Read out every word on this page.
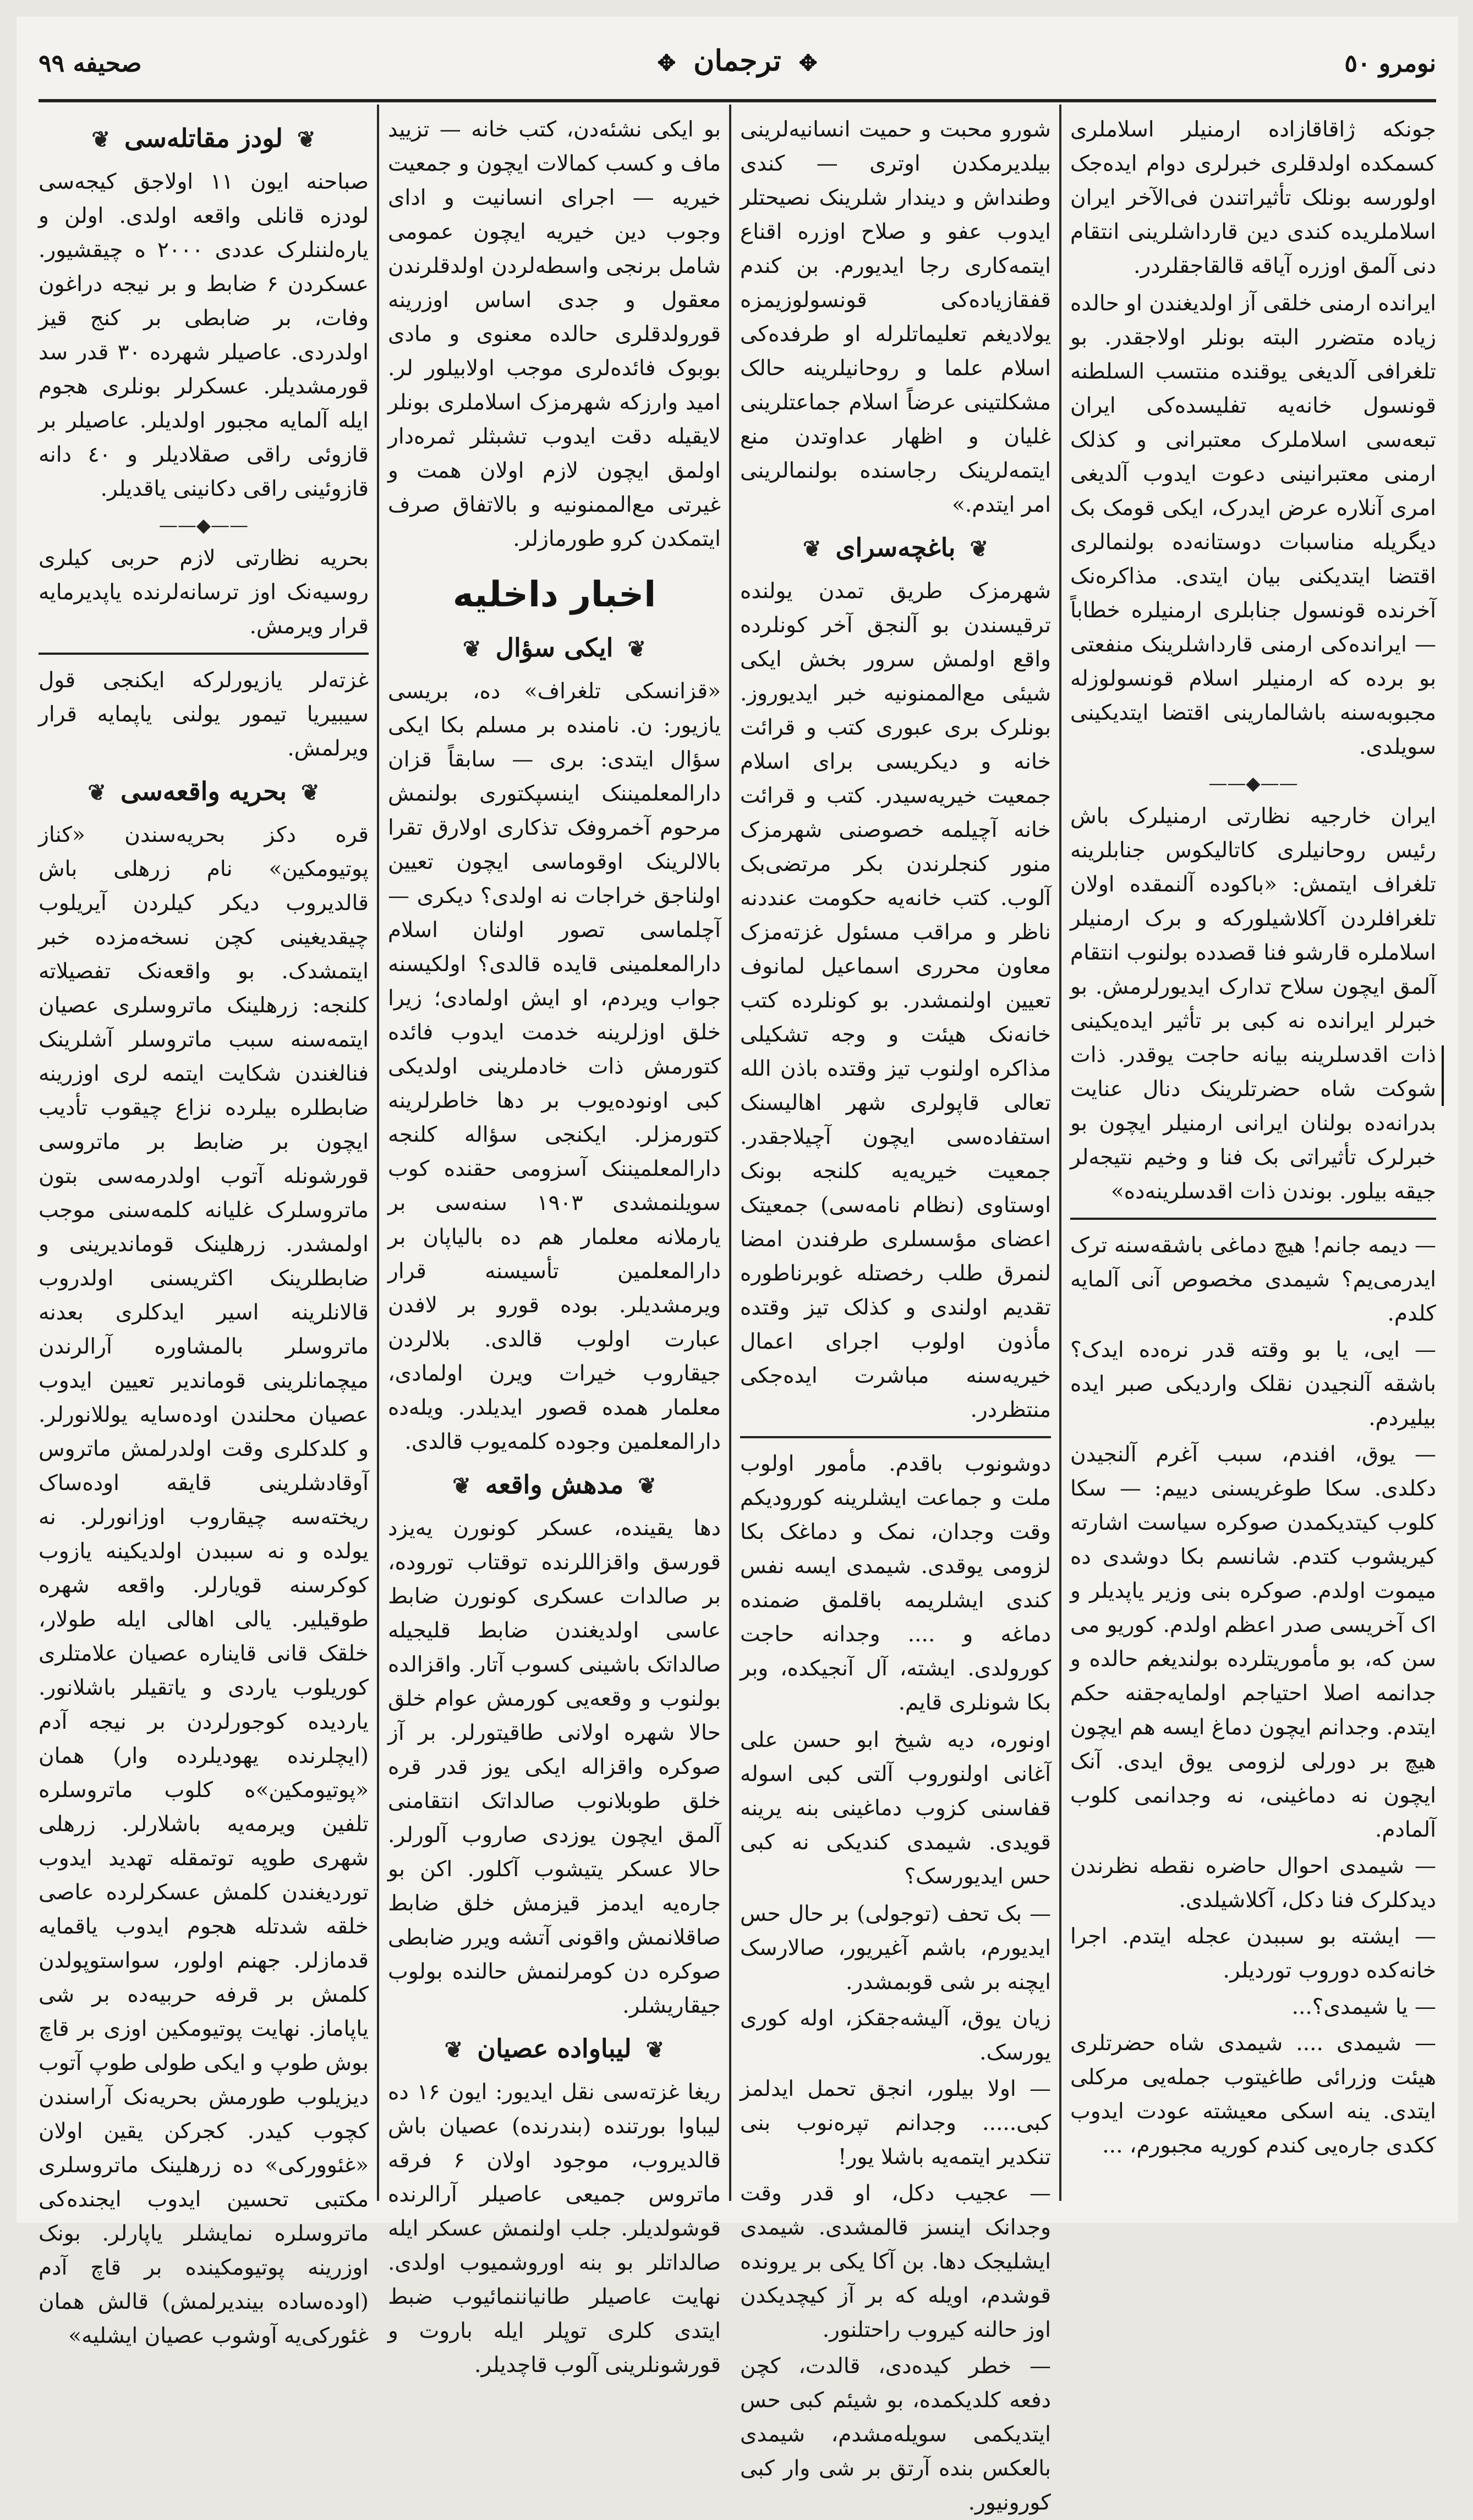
صحیفه ۹۹	✥ ترجمان ✥	نومرو ٥٠

جونکه ژاقاقازاده ارمنیلر اسلاملری کسمکده اولدقلری خبرلری دوام ایده‌جک اولورسه بونلک تأثیراتندن فی‌الآخر ایران اسلاملریده کندی دین قارداشلرینی انتقام دنی آلمق اوزره آیاقه قالقاجقلردر.

ایرانده ارمنی خلقی آز اولدیغندن او حالده زیاده متضرر البته بونلر اولاجقدر. بو تلغرافی آلدیغی یوقنده منتسب السلطنه قونسول خانه‌یه تفلیسده‌کی ایران تبعه‌سی اسلاملرک معتبرانی و کذلک ارمنی معتبرانینی دعوت ایدوب آلدیغی امری آنلاره عرض ایدرک، ایکی قومک بک دیگریله مناسبات دوستانه‌ده بولنمالری اقتضا ایتدیکنی بیان ایتدی. مذاکره‌نک آخرنده قونسول جنابلری ارمنیلره خطاباً — ایرانده‌کی ارمنی قارداشلرینک منفعتی بو برده که ارمنیلر اسلام قونسولوزله مجبوبه‌سنه باشالمارینی اقتضا ایتدیکینی سویلدی.

——◆——

ایران خارجیه نظارتی ارمنیلرک باش رئیس روحانیلری کاتالیکوس جنابلرینه تلغراف ایتمش: «باکوده آلنمقده اولان تلغرافلردن آکلاشیلورکه و برک ارمنیلر اسلاملره قارشو فنا قصدده بولنوب انتقام آلمق ایچون سلاح تدارک ایدیورلرمش. بو خبرلر ایرانده نه کبی بر تأثیر ایده‌یکینی ذات اقدسلرینه بیانه حاجت یوقدر. ذات شوکت شاه حضرتلرینک دنال عنایت بدرانه‌ده بولنان ایرانی ارمنیلر ایچون بو خبرلرک تأثیراتی بک فنا و وخیم نتیجه‌لر جیقه بیلور. بوندن ذات اقدسلرینه‌ده»

— دیمه جانم! هیچ دماغی باشقه‌سنه ترک ایدرمی‌یم؟ شیمدی مخصوص آنی آلمایه کلدم.

— ایی، یا بو وقته قدر نره‌ده ایدک؟ باشقه آلنجیدن نقلک واردیکی صبر ایده بیلیردم.

— یوق، افندم، سبب آغرم آلنجیدن دکلدی. سکا طوغریسنی دییم: — سکا کلوب کیتدیکمدن صوکره سیاست اشارته کیریشوب کتدم. شانسم بکا دوشدی ده میموت اولدم. صوکره بنی وزیر یاپدیلر و اک آخریسی صدر اعظم اولدم. کوریو می سن که، بو مأموریتلرده بولندیغم حالده و جدانمه اصلا احتیاجم اولمایه‌جقنه حکم ایتدم. وجدانم ایچون دماغ ایسه هم ایچون هیچ بر دورلی لزومی یوق ایدی. آنک ایچون نه دماغینی، نه وجدانمی کلوب آلمادم.

— شیمدی احوال حاضره نقطه نظرندن دیدکلرک فنا دکل، آکلاشیلدی.

— ایشته بو سببدن عجله ایتدم. اجرا خانه‌کده دوروب توردیلر.

— یا شیمدی؟...

— شیمدی .... شیمدی شاه حضرتلری هیئت وزرائی طاغیتوب جمله‌یی مرکلی ایتدی. ینه اسکی معیشته عودت ایدوب ککدی جاره‌یی کندم کوریه مجبورم، ...

شورو محبت و حمیت انسانیه‌لرینی بیلدیرمکدن اوتری — کندی وطنداش و دیندار شلرینک نصیحتلر ایدوب عفو و صلاح اوزره اقناع ایتمه‌کاری رجا ایدیورم. بن کندم قفقازیاده‌کی قونسولوزیمزه یولادیغم تعلیماتلرله او طرفده‌کی اسلام علما و روحانیلرینه حالک مشکلتینی عرضاً اسلام جماعتلرینی غلیان و اظهار عداوتدن منع ایتمه‌لرینک رجاسنده بولنمالرینی امر ایتدم.»

❦ باغچه‌سرای ❦

شهرمزک طریق تمدن یولنده ترقیسندن بو آلنجق آخر کونلرده واقع اولمش سرور بخش ایکی شیئی مع‌الممنونیه خبر ایدیوروز. بونلرک بری عبوری کتب و قرائت خانه و دیکریسی برای اسلام جمعیت خیریه‌سیدر. کتب و قرائت خانه آچیلمه خصوصنی شهرمزک منور کنجلرندن بکر مرتضی‌بک آلوب. کتب خانه‌یه حکومت عنددنه ناظر و مراقب مسئول غزته‌مزک معاون محرری اسماعیل لمانوف تعیین اولنمشدر. بو کونلرده کتب خانه‌نک هیئت و وجه تشکیلی مذاکره اولنوب تیز وقتده باذن الله تعالی قاپولری شهر اهالیسنک استفاده‌سی ایچون آچیلاجقدر. جمعیت خیریه‌یه کلنجه بونک اوستاوی (نظام نامه‌سی) جمعیتک اعضای مؤسسلری طرفندن امضا لنمرق طلب رخصتله غوبرناطوره تقدیم اولندی و کذلک تیز وقتده مأذون اولوب اجرای اعمال خیریه‌سنه مباشرت ایده‌جکی منتظردر.

دوشونوب باقدم. مأمور اولوب ملت و جماعت ایشلرینه کورودیکم وقت وجدان، نمک و دماغک بکا لزومی یوقدی. شیمدی ایسه نفس کندی ایشلریمه باقلمق ضمنده دماغه و .... وجدانه حاجت کورولدی. ایشته، آل آنجیکده، وبر بکا شونلری قایم.

اونوره، دیه شیخ ابو حسن علی آغانی اولنوروب آلتی کبی اسوله قفاسنی کزوب دماغینی بنه یرینه قویدی. شیمدی کندیکی نه کبی حس ایدیورسک؟

— بک تحف (توجولی) بر حال حس ایدیورم، باشم آغیریور، صالارسک ایچنه بر شی قوبمشدر.

زیان یوق، آلیشه‌جقکز، اوله کوری یورسک.

— اولا بیلور، انجق تحمل ایدلمز کبی..... وجدانم تپره‌نوب بنی تنکدیر ایتمه‌یه باشلا یور!

— عجیب دکل، او قدر وقت وجدانک اینسز قالمشدی. شیمدی ایشلیجک دها. بن آکا یکی بر یرونده قوشدم، اویله که بر آز کیچدیکدن اوز حالنه کیروب راحتلنور.

— خطر کیده‌دی، قالدت، کچن دفعه کلدیکمده، بو شیئم کبی حس ایتدیکمی سویله‌مشدم، شیمدی بالعکس بنده آرتق بر شی وار کبی کورونیور.

بو ایکی نشئه‌دن، کتب خانه — تزیید ماف و کسب کمالات ایچون و جمعیت خیریه — اجرای انسانیت و ادای وجوب دین خیریه ایچون عمومی شامل برنجی واسطه‌لردن اولدقلرندن معقول و جدی اساس اوزرینه قورولدقلری حالده معنوی و مادی بوبوک فائده‌لری موجب اولابیلور لر. امید وارزکه شهرمزک اسلاملری بونلر لایقیله دقت ایدوب تشبثلر ثمره‌دار اولمق ایچون لازم اولان همت و غیرتی مع‌الممنونیه و بالاتفاق صرف ایتمکدن کرو طورمازلر.

اخبار داخلیه
❦ ایکی سؤال ❦

«قزانسکی تلغراف» ده، بریسی یازیور: ن. نامنده بر مسلم بکا ایکی سؤال ایتدی: بری — سابقاً قزان دارالمعلمیننک اینسپکتوری بولنمش مرحوم آخمروفک تذکاری اولارق تقرا بالالرینک اوقوماسی ایچون تعیین اولناجق خراجات نه اولدی؟ دیکری — آچلماسی تصور اولنان اسلام دارالمعلمینی قایده قالدی؟ اولکیسنه جواب ویردم، او ایش اولمادی؛ زیرا خلق اوزلرینه خدمت ایدوب فائده کتورمش ذات خادملرینی اولدیکی کبی اونوده‌یوب بر دها خاطرلرینه کتورمزلر. ایکنجی سؤاله کلنجه دارالمعلمیننک آسزومی حقنده کوب سویلنمشدی ۱۹۰۳ سنه‌سی بر یارملانه معلمار هم ده بالیاپان بر دارالمعلمین تأسیسنه قرار ویرمشدیلر. بوده قورو بر لافدن عبارت اولوب قالدی. بلالردن جیقاروب خیرات ویرن اولمادی، معلمار همده قصور ایدیلدر. ویله‌ده دارالمعلمین وجوده کلمه‌یوب قالدی.

❦ مدهش واقعه ❦

دها یقینده، عسکر کونورن یه‌یزد قورسق واقزاللرنده توقتاب توروده، بر صالدات عسکری کونورن ضابط عاسی اولدیغندن ضابط قلیجیله صالداتک باشینی کسوب آتار. واقزالده بولنوب و وقعه‌یی کورمش عوام خلق حالا شهره اولانی طاقیتورلر. بر آز صوکره واقزاله ایکی یوز قدر قره خلق طوبلانوب صالداتک انتقامنی آلمق ایچون یوزدی صاروب آلورلر. حالا عسکر یتیشوب آکلور. اکن بو جاره‌یه ایدمز قیزمش خلق ضابط صاقلانمش واقونی آتشه ویرر ضابطی صوکره دن کومرلنمش حالنده بولوب جیقاریشلر.

❦ لیباواده عصیان ❦

ریغا غزته‌سی نقل ایدیور: ایون ۱۶ ده لیباوا بورتنده (بندرنده) عصیان باش قالدیروب، موجود اولان ۶ فرقه ماتروس جمیعی عاصیلر آرالرنده قوشولدیلر. جلب اولنمش عسکر ایله صالداتلر بو بنه اوروشمیوب اولدی. نهایت عاصیلر طانیاننمائیوب ضبط ایتدی کلری توپلر ایله باروت و قورشونلرینی آلوب قاچدیلر.

❦ لودز مقاتله‌سی ❦

صباحنه ایون ۱۱ اولاجق کیجه‌سی لودزه قانلی واقعه اولدی. اولن و یاره‌لننلرک عددی ۲۰۰۰ ه چیقشیور. عسکردن ۶ ضابط و بر نیجه دراغون وفات، بر ضابطی بر کنج قیز اولدردی. عاصیلر شهرده ۳۰ قدر سد قورمشدیلر. عسکرلر بونلری هجوم ایله آلمایه مجبور اولدیلر. عاصیلر بر قازوئی راقی صقلادیلر و ٤٠ دانه قازوئینی راقی دکانینی یاقدیلر.

——◆——

بحریه نظارتی لازم حربی کیلری روسیه‌نک اوز ترسانه‌لرنده یاپدیرمایه قرار ویرمش.

غزته‌لر یازیورلرکه ایکنجی قول سیبیریا تیمور یولنی یاپمایه قرار ویرلمش.

❦ بحریه واقعه‌سی ❦

قره دکز بحریه‌سندن «کناز پوتیومکین» نام زرهلی باش قالدیروب دیکر کیلردن آیریلوب چیقدیغینی کچن نسخه‌مزده خبر ایتمشدک. بو واقعه‌نک تفصیلاته کلنجه: زرهلینک ماتروسلری عصیان ایتمه‌سنه سبب ماتروسلر آشلرینک فنالغندن شکایت ایتمه لری اوزرینه ضابطلره بیلرده نزاع چیقوب تأدیب ایچون بر ضابط بر ماتروسی قورشونله آتوب اولدرمه‌سی بتون ماتروسلرک غلیانه کلمه‌سنی موجب اولمشدر. زرهلینک قوماندیرینی و ضابطلرینک اکثریسنی اولدروب قالانلرینه اسیر ایدکلری بعدنه ماتروسلر بالمشاوره آرالرندن میچمانلرینی قوماندیر تعیین ایدوب عصیان محلندن اوده‌سایه یوللانورلر. و کلدکلری وقت اولدرلمش ماتروس آوقادشلرینی قایقه اوده‌ساک ریخته‌سه چیقاروب اوزانورلر. نه یولده و نه سببدن اولدیکینه یازوب کوکرسنه قویارلر. واقعه شهره طوقیلیر. یالی اهالی ایله طولار، خلقک قانی قایناره عصیان علامتلری کوریلوب یاردی و یاتقیلر باشلانور. یاردیده کوجورلردن بر نیجه آدم (ایچلرنده یهودیلرده وار) همان «پوتیومکین»ه کلوب ماتروسلره تلفین ویرمه‌یه باشلارلر. زرهلی شهری طوپه توتمقله تهدید ایدوب توردیغندن کلمش عسکرلرده عاصی خلقه شدتله هجوم ایدوب یاقمایه قدمازلر. جهنم اولور، سواستوپولدن کلمش بر قرفه حربیه‌ده بر شی یاپاماز. نهایت پوتیومکین اوزی بر قاچ بوش طوپ و ایکی طولی طوپ آتوب دیزیلوب طورمش بحریه‌نک آراسندن کچوب کیدر. کجرکن یقین اولان «غئوورکی» ده زرهلینک ماتروسلری مکتبی تحسین ایدوب ایجنده‌کی ماتروسلره نمایشلر یاپارلر. بونک اوزرینه پوتیومکینده بر قاچ آدم (اوده‌ساده بیندیرلمش) قالش همان غئورکی‌یه آوشوب عصیان ایشلیه»
